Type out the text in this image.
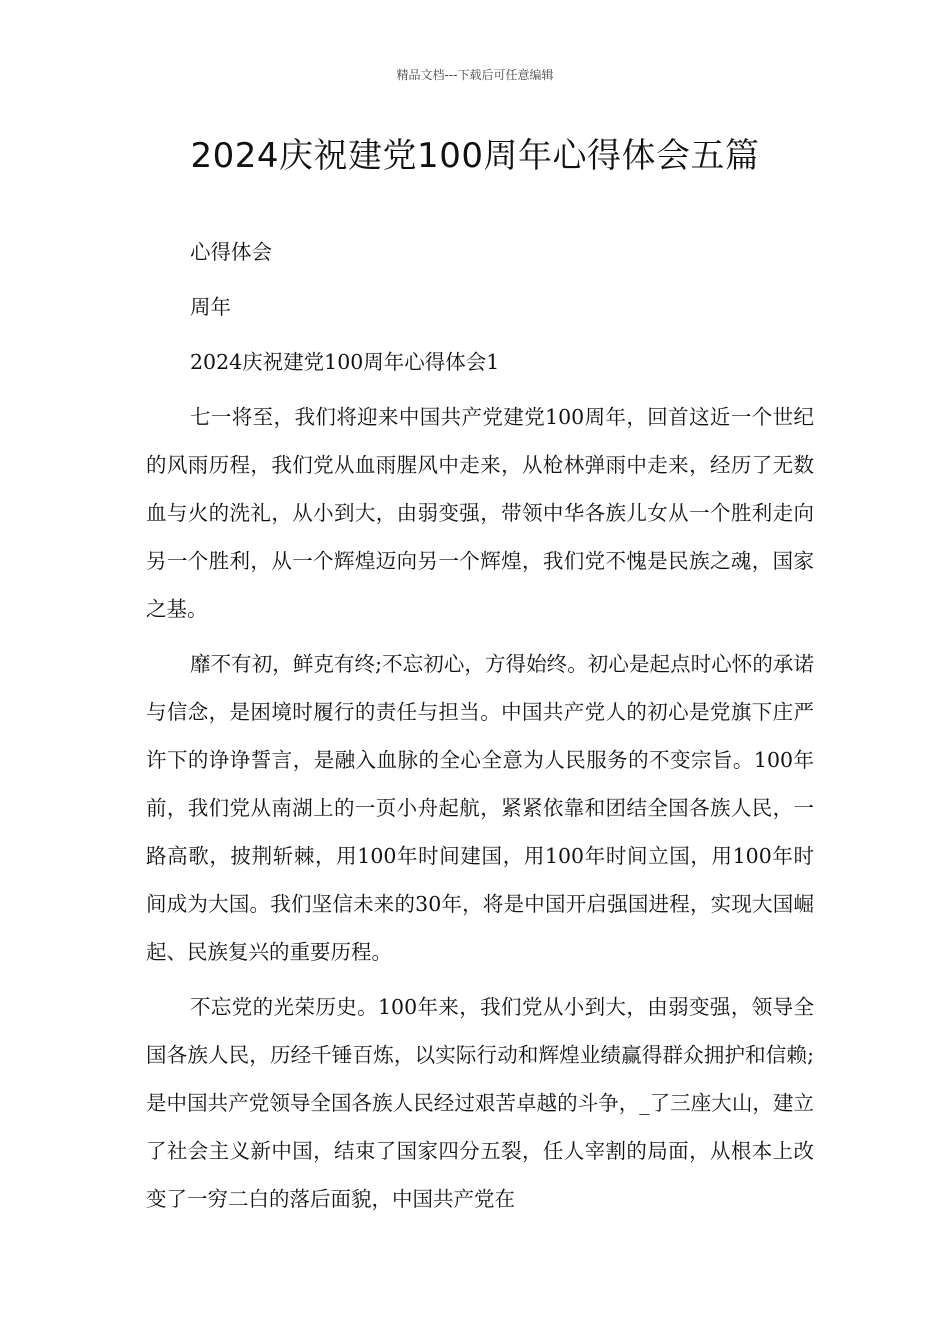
精品文档---下载后可任意编辑
2024庆祝建党100周年心得体会五篇

心得体会

周年

2024庆祝建党100周年心得体会1

七一将至，我们将迎来中国共产党建党100周年，回首这近一个世纪的风雨历程，我们党从血雨腥风中走来，从枪林弹雨中走来，经历了无数血与火的洗礼，从小到大，由弱变强，带领中华各族儿女从一个胜利走向另一个胜利，从一个辉煌迈向另一个辉煌，我们党不愧是民族之魂，国家之基。

靡不有初，鲜克有终;不忘初心，方得始终。初心是起点时心怀的承诺与信念，是困境时履行的责任与担当。中国共产党人的初心是党旗下庄严许下的诤诤誓言，是融入血脉的全心全意为人民服务的不变宗旨。100年前，我们党从南湖上的一页小舟起航，紧紧依靠和团结全国各族人民，一路高歌，披荆斩棘，用100年时间建国，用100年时间立国，用100年时间成为大国。我们坚信未来的30年，将是中国开启强国进程，实现大国崛起、民族复兴的重要历程。

不忘党的光荣历史。100年来，我们党从小到大，由弱变强，领导全国各族人民，历经千锤百炼，以实际行动和辉煌业绩赢得群众拥护和信赖;是中国共产党领导全国各族人民经过艰苦卓越的斗争，_了三座大山，建立了社会主义新中国，结束了国家四分五裂，任人宰割的局面，从根本上改变了一穷二白的落后面貌，中国共产党在
